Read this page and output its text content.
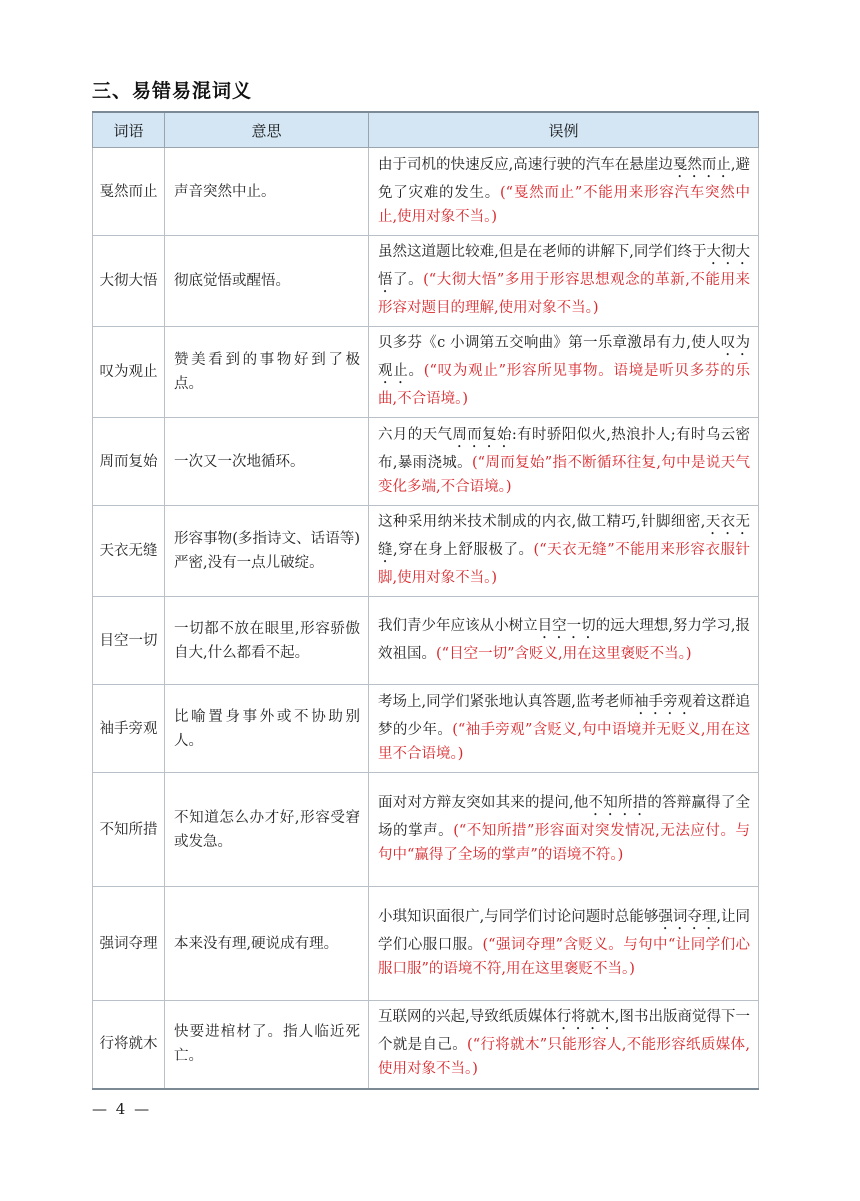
三、易错易混词义
词语	意思	误例
戛然而止	声音突然中止。	由于司机的快速反应,高速行驶的汽车在悬崖边戛然而止,避免了灾难的发生。(“戛然而止”不能用来形容汽车突然中止,使用对象不当。)
大彻大悟	彻底觉悟或醒悟。	虽然这道题比较难,但是在老师的讲解下,同学们终于大彻大悟了。(“大彻大悟”多用于形容思想观念的革新,不能用来形容对题目的理解,使用对象不当。)
叹为观止	赞美看到的事物好到了极点。	贝多芬《c 小调第五交响曲》第一乐章激昂有力,使人叹为观止。(“叹为观止”形容所见事物。语境是听贝多芬的乐曲,不合语境。)
周而复始	一次又一次地循环。	六月的天气周而复始:有时骄阳似火,热浪扑人;有时乌云密布,暴雨浇城。(“周而复始”指不断循环往复,句中是说天气变化多端,不合语境。)
天衣无缝	形容事物(多指诗文、话语等)严密,没有一点儿破绽。	这种采用纳米技术制成的内衣,做工精巧,针脚细密,天衣无缝,穿在身上舒服极了。(“天衣无缝”不能用来形容衣服针脚,使用对象不当。)
目空一切	一切都不放在眼里,形容骄傲自大,什么都看不起。	我们青少年应该从小树立目空一切的远大理想,努力学习,报效祖国。(“目空一切”含贬义,用在这里褒贬不当。)
袖手旁观	比喻置身事外或不协助别人。	考场上,同学们紧张地认真答题,监考老师袖手旁观着这群追梦的少年。(“袖手旁观”含贬义,句中语境并无贬义,用在这里不合语境。)
不知所措	不知道怎么办才好,形容受窘或发急。	面对对方辩友突如其来的提问,他不知所措的答辩赢得了全场的掌声。(“不知所措”形容面对突发情况,无法应付。与句中“赢得了全场的掌声”的语境不符。)
强词夺理	本来没有理,硬说成有理。	小琪知识面很广,与同学们讨论问题时总能够强词夺理,让同学们心服口服。(“强词夺理”含贬义。与句中“让同学们心服口服”的语境不符,用在这里褒贬不当。)
行将就木	快要进棺材了。指人临近死亡。	互联网的兴起,导致纸质媒体行将就木,图书出版商觉得下一个就是自己。(“行将就木”只能形容人,不能形容纸质媒体,使用对象不当。)
— 4 —
